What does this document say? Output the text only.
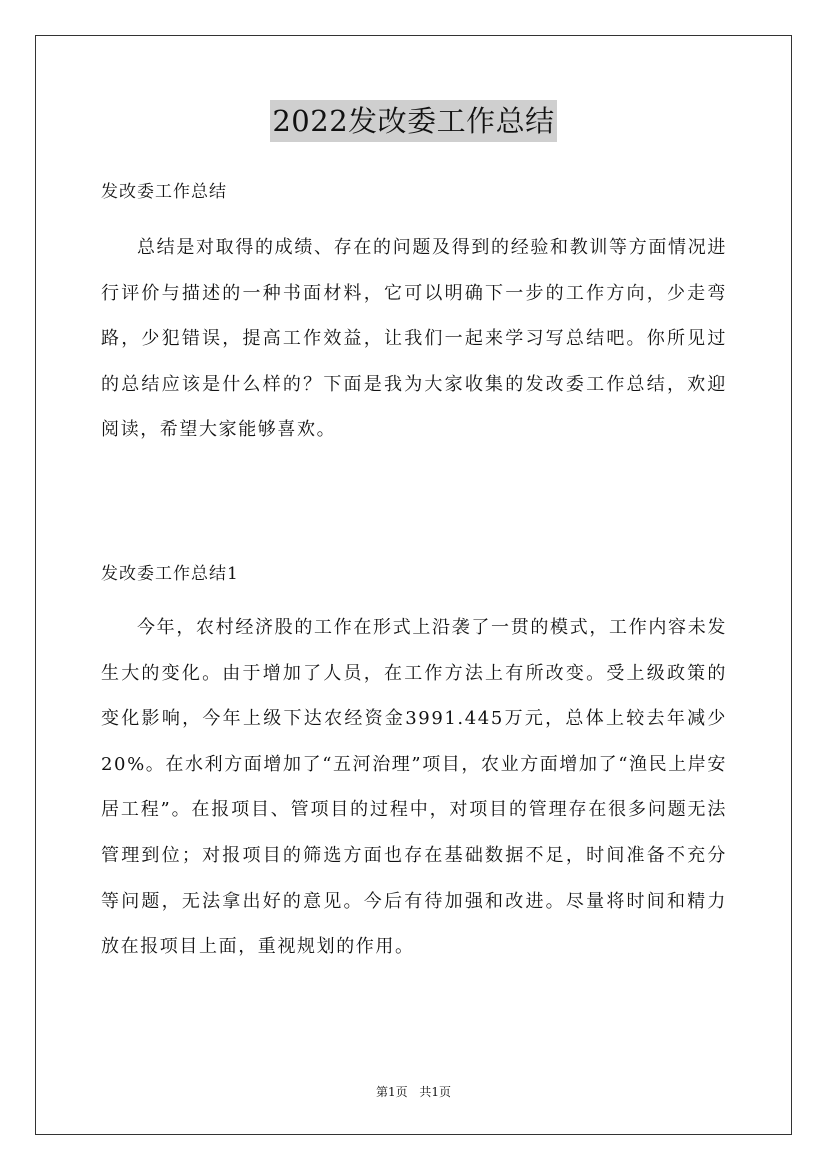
2022发改委工作总结
发改委工作总结

总结是对取得的成绩、存在的问题及得到的经验和教训等方面情况进行评价与描述的一种书面材料，它可以明确下一步的工作方向，少走弯路，少犯错误，提高工作效益，让我们一起来学习写总结吧。你所见过的总结应该是什么样的？下面是我为大家收集的发改委工作总结，欢迎阅读，希望大家能够喜欢。

发改委工作总结1

今年，农村经济股的工作在形式上沿袭了一贯的模式，工作内容未发生大的变化。由于增加了人员，在工作方法上有所改变。受上级政策的变化影响，今年上级下达农经资金3991.445万元，总体上较去年减少20%。在水利方面增加了“五河治理”项目，农业方面增加了“渔民上岸安居工程”。在报项目、管项目的过程中，对项目的管理存在很多问题无法管理到位；对报项目的筛选方面也存在基础数据不足，时间准备不充分等问题，无法拿出好的意见。今后有待加强和改进。尽量将时间和精力放在报项目上面，重视规划的作用。

第1页 共1页
